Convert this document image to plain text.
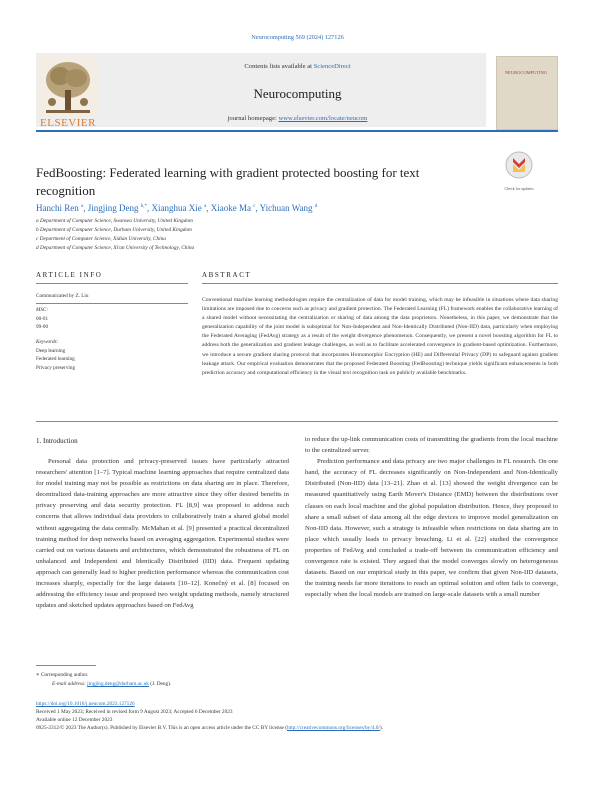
Neurocomputing 569 (2024) 127126
Contents lists available at ScienceDirect
Neurocomputing
journal homepage: www.elsevier.com/locate/neucom
ELSEVIER
NEUROCOMPUTING
FedBoosting: Federated learning with gradient protected boosting for text recognition	Check for updates
Hanchi Ren $^a$, Jingjing Deng $^{b,*}$, Xianghua Xie $^a$, Xiaoke Ma $^c$, Yichuan Wang $^d$
a Department of Computer Science, Swansea University, United Kingdom
b Department of Computer Science, Durham University, United Kingdom
c Department of Computer Science, Xidian University, China
d Department of Computer Science, Xi'an University of Technology, China
ARTICLE INFO
Communicated by Z. Liu
MSC:
00-01
99-00
Keywords:
Deep learning
Federated learning
Privacy preserving
ABSTRACT
Conventional machine learning methodologies require the centralization of data for model training, which may be infeasible in situations where data sharing limitations are imposed due to concerns such as privacy and gradient protection. The Federated Learning (FL) framework enables the collaborative learning of a shared model without necessitating the centralization or sharing of data among the data proprietors. Nonetheless, in this paper, we demonstrate that the generalization capability of the joint model is suboptimal for Non-Independent and Non-Identically Distributed (Non-IID) data, particularly when employing the Federated Averaging (FedAvg) strategy as a result of the weight divergence phenomenon. Consequently, we present a novel boosting algorithm for FL to address both the generalization and gradient leakage challenges, as well as to facilitate accelerated convergence in gradient-based optimization. Furthermore, we introduce a secure gradient sharing protocol that incorporates Homomorphic Encryption (HE) and Differential Privacy (DP) to safeguard against gradient leakage attack. Our empirical evaluation demonstrates that the proposed Federated Boosting (FedBoosting) technique yields significant enhancements in both prediction accuracy and computational efficiency in the visual text recognition task on publicly available benchmarks.
1. Introduction

Personal data protection and privacy-preserved issues have particularly attracted researchers' attention [1–7]. Typical machine learning approaches that require centralized data for model training may not be possible as restrictions on data sharing are in place. Therefore, decentralized data-training approaches are more attractive since they offer desired benefits in privacy preserving and data security protection. FL [8,9] was proposed to address such concerns that allows individual data providers to collaboratively train a shared global model without aggregating the data centrally. McMahan et al. [9] presented a practical decentralized training method for deep networks based on averaging aggregation. Experimental studies were carried out on various datasets and architectures, which demonstrated the robustness of FL on unbalanced and Independent and Identically Distributed (IID) data. Frequent updating approach can generally lead to higher prediction performance whereas the communication cost increases sharply, especially for the large datasets [10–12]. Konečný et al. [8] focused on addressing the efficiency issue and proposed two weight updating methods, namely structured updates and sketched updates approaches based on FedAvg

to reduce the up-link communication costs of transmitting the gradients from the local machine to the centralized server.

Prediction performance and data privacy are two major challenges in FL research. On one hand, the accuracy of FL decreases significantly on Non-Independent and Non-Identically Distributed (Non-IID) data [13–21]. Zhao et al. [13] showed the weight divergence can be measured quantitatively using Earth Mover's Distance (EMD) between the distributions over classes on each local machine and the global population distribution. Hence, they proposed to share a small subset of data among all the edge devices to improve model generalization on Non-IID data. However, such a strategy is infeasible when restrictions on data sharing are in place which usually leads to privacy breaching. Li et al. [22] studied the convergence properties of FedAvg and concluded a trade-off between its communication efficiency and convergence rate is existed. They argued that the model converges slowly on heterogeneous datasets. Based on our empirical study in this paper, we confirm that given Non-IID datasets, the training needs far more iterations to reach an optimal solution and often fails to converge, especially when the local models are trained on large-scale datasets with a small number

∗ Corresponding author.
E-mail address: jingjing.deng@durham.ac.uk (J. Deng).
https://doi.org/10.1016/j.neucom.2023.127126
Received 1 May 2023; Received in revised form 9 August 2023; Accepted 6 December 2023
Available online 12 December 2023
0925-2312/© 2023 The Author(s). Published by Elsevier B.V. This is an open access article under the CC BY license (http://creativecommons.org/licenses/by/4.0/).
